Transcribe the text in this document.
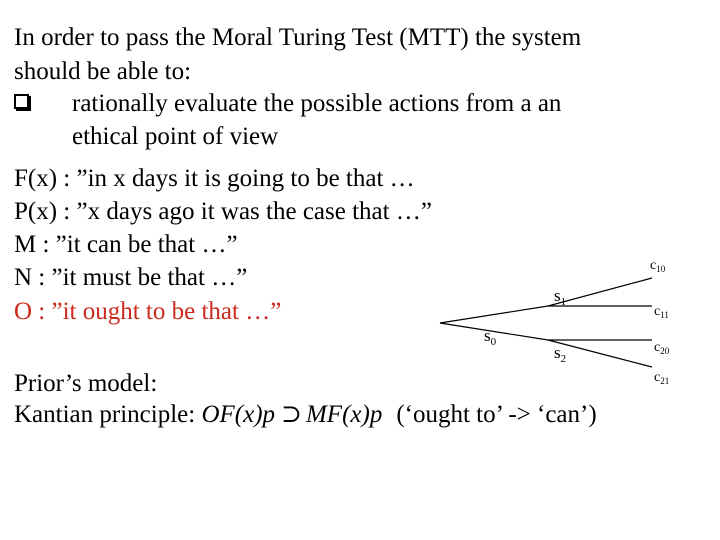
In order to pass the Moral Turing Test (MTT) the system
should be able to:
rationally evaluate the possible actions from a an
ethical point of view
F(x) : ”in x days it is going to be that …
P(x) : ”x days ago it was the case that …”
M : ”it can be that …”
N : ”it must be that …”
O : ”it ought to be that …”
$s_0$
$s_1$
$s_2$
$c_{10}$
$c_{11}$
$c_{20}$
$c_{21}$
Prior’s model:
Kantian principle: OF(x)p ⊃ MF(x)p (‘ought to’ -> ‘can’)
